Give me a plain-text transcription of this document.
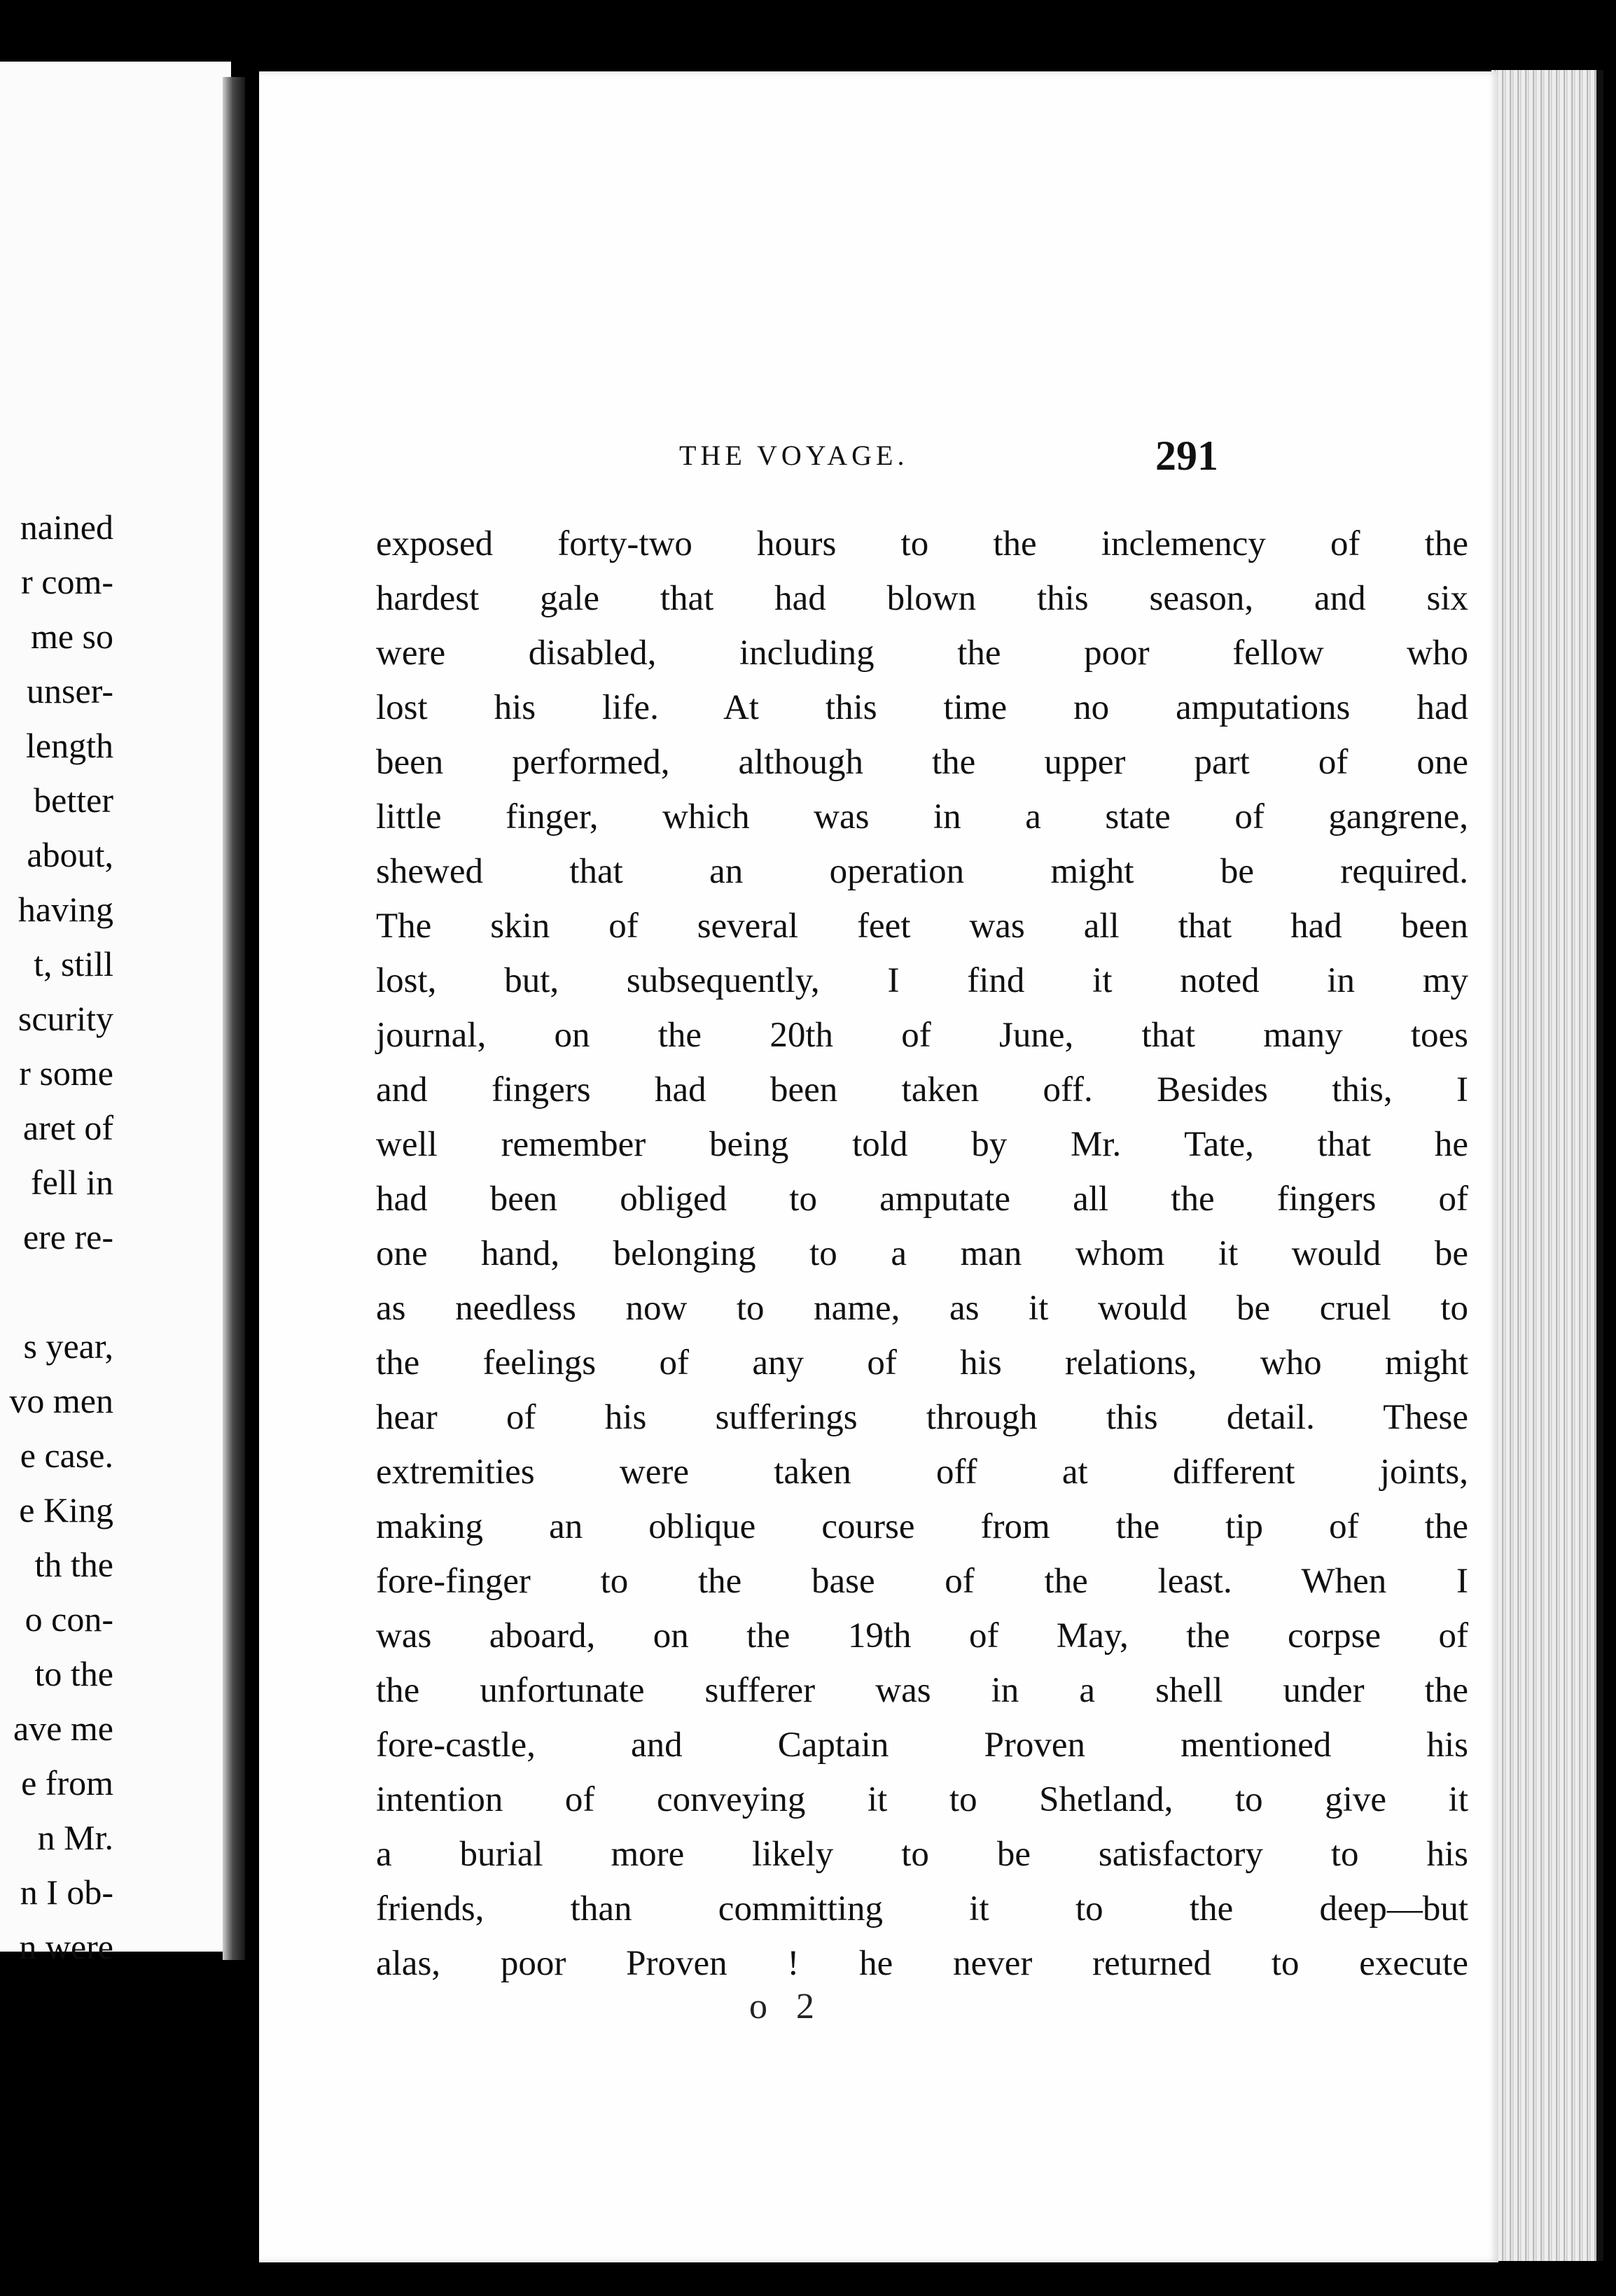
nained
r com-
me so
unser-
length
better
about,
having
t, still
scurity
r some
aret of
fell in
ere re-
s year,
vo men
e case.
e King
th the
o con-
to the
ave me
e from
n Mr.
n I ob-
n were
THE VOYAGE.	291
exposed forty-two hours to the inclemency of the
hardest gale that had blown this season, and six
were disabled, including the poor fellow who
lost his life. At this time no amputations had
been performed, although the upper part of one
little finger, which was in a state of gangrene,
shewed that an operation might be required.
The skin of several feet was all that had been
lost, but, subsequently, I find it noted in my
journal, on the 20th of June, that many toes
and fingers had been taken off. Besides this, I
well remember being told by Mr. Tate, that he
had been obliged to amputate all the fingers of
one hand, belonging to a man whom it would be
as needless now to name, as it would be cruel to
the feelings of any of his relations, who might
hear of his sufferings through this detail. These
extremities were taken off at different joints,
making an oblique course from the tip of the
fore-finger to the base of the least. When I
was aboard, on the 19th of May, the corpse of
the unfortunate sufferer was in a shell under the
fore-castle, and Captain Proven mentioned his
intention of conveying it to Shetland, to give it
a burial more likely to be satisfactory to his
friends, than committing it to the deep—but
alas, poor Proven ! he never returned to execute
o 2
